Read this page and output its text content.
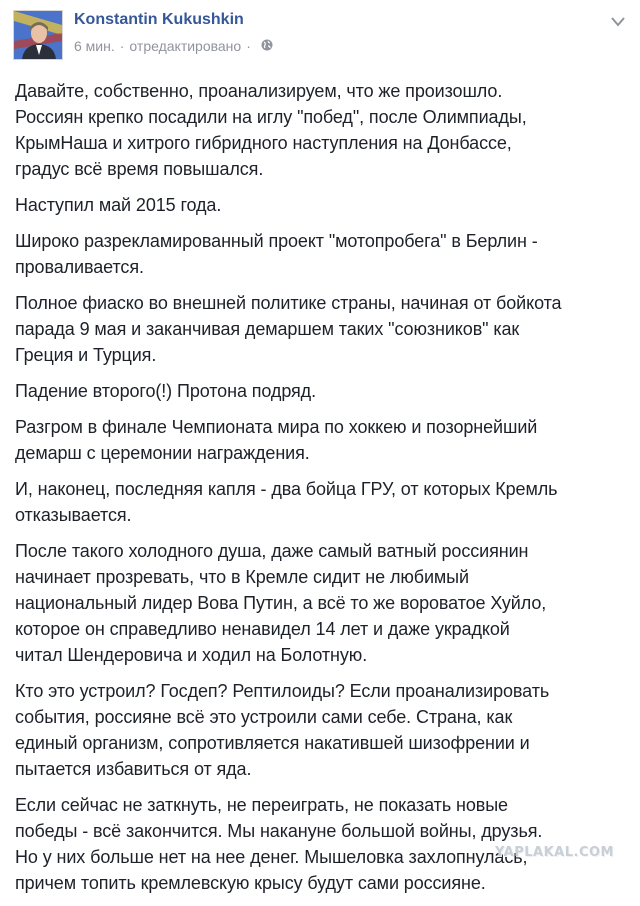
Konstantin Kukushkin
6 мин. · отредактировано ·

Давайте, собственно, проанализируем, что же произошло.
Россиян крепко посадили на иглу "побед", после Олимпиады,
КрымНаша и хитрого гибридного наступления на Донбассе,
градус всё время повышался.

Наступил май 2015 года.

Широко разрекламированный проект "мотопробега" в Берлин -
проваливается.

Полное фиаско во внешней политике страны, начиная от бойкота
парада 9 мая и заканчивая демаршем таких "союзников" как
Греция и Турция.

Падение второго(!) Протона подряд.

Разгром в финале Чемпионата мира по хоккею и позорнейший
демарш с церемонии награждения.

И, наконец, последняя капля - два бойца ГРУ, от которых Кремль
отказывается.

После такого холодного душа, даже самый ватный россиянин
начинает прозревать, что в Кремле сидит не любимый
национальный лидер Вова Путин, а всё то же вороватое Хуйло,
которое он справедливо ненавидел 14 лет и даже украдкой
читал Шендеровича и ходил на Болотную.

Кто это устроил? Госдеп? Рептилоиды? Если проанализировать
события, россияне всё это устроили сами себе. Страна, как
единый организм, сопротивляется накатившей шизофрении и
пытается избавиться от яда.

Если сейчас не заткнуть, не переиграть, не показать новые
победы - всё закончится. Мы накануне большой войны, друзья.
Но у них больше нет на нее денег. Мышеловка захлопнулась,
причем топить кремлевскую крысу будут сами россияне.

YAPLAKAL.COM
